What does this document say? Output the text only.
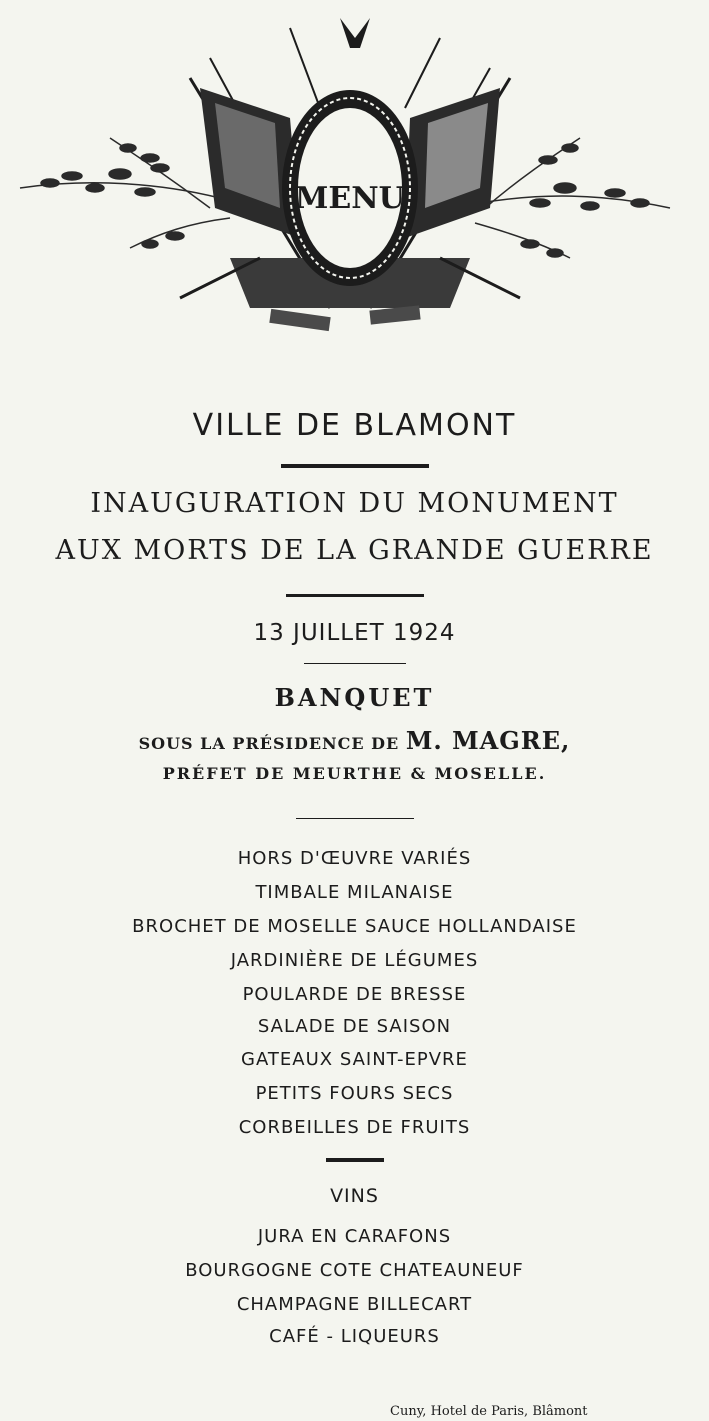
MENU
VILLE DE BLAMONT
INAUGURATION DU MONUMENT
AUX MORTS DE LA GRANDE GUERRE
13 JUILLET 1924
BANQUET
SOUS LA PRÉSIDENCE DE M. MAGRE,
PRÉFET DE MEURTHE & MOSELLE.
HORS D'ŒUVRE VARIÉS
TIMBALE MILANAISE
BROCHET DE MOSELLE SAUCE HOLLANDAISE
JARDINIÈRE DE LÉGUMES
POULARDE DE BRESSE
SALADE DE SAISON
GATEAUX SAINT-EPVRE
PETITS FOURS SECS
CORBEILLES DE FRUITS
VINS
JURA EN CARAFONS
BOURGOGNE COTE CHATEAUNEUF
CHAMPAGNE BILLECART
CAFÉ - LIQUEURS
Cuny, Hotel de Paris, Blâmont
